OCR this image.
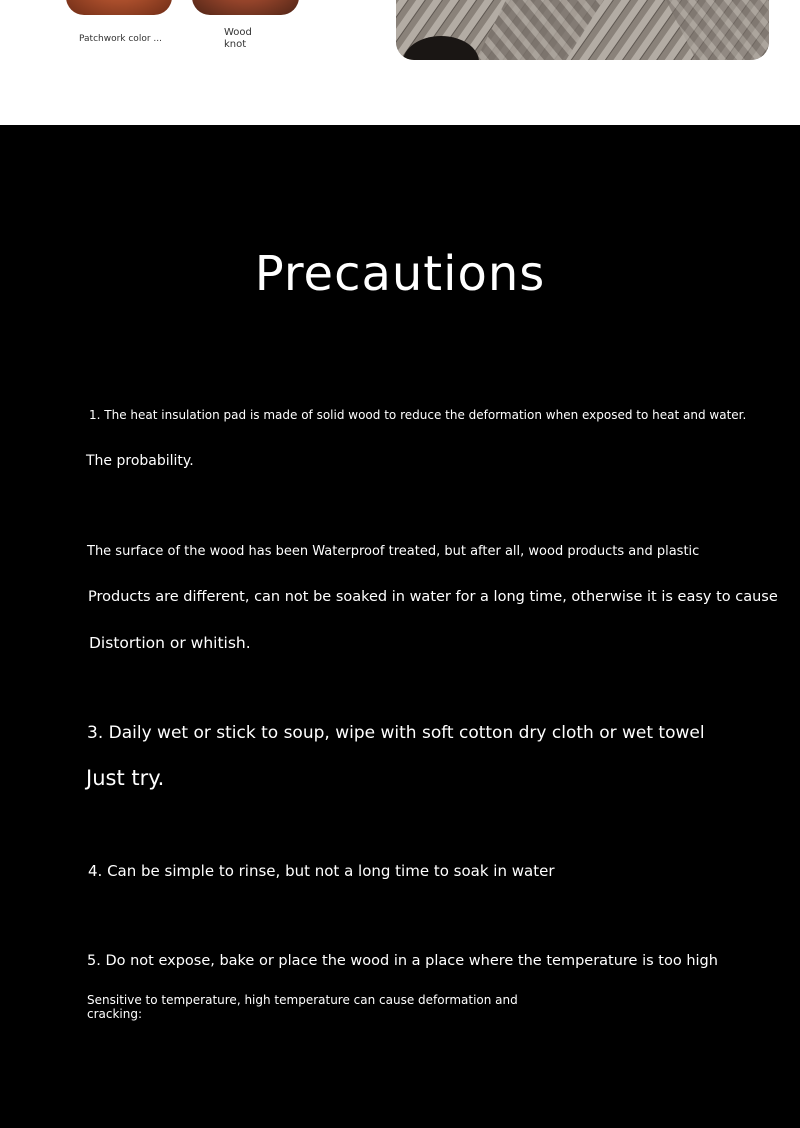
Patchwork color ...
Wood knot
Precautions
1. The heat insulation pad is made of solid wood to reduce the deformation when exposed to heat and water.
The probability.
The surface of the wood has been Waterproof treated, but after all, wood products and plastic
Products are different, can not be soaked in water for a long time, otherwise it is easy to cause
Distortion or whitish.
3. Daily wet or stick to soup, wipe with soft cotton dry cloth or wet towel
Just try.
4. Can be simple to rinse, but not a long time to soak in water
5. Do not expose, bake or place the wood in a place where the temperature is too high
Sensitive to temperature, high temperature can cause deformation and cracking:
